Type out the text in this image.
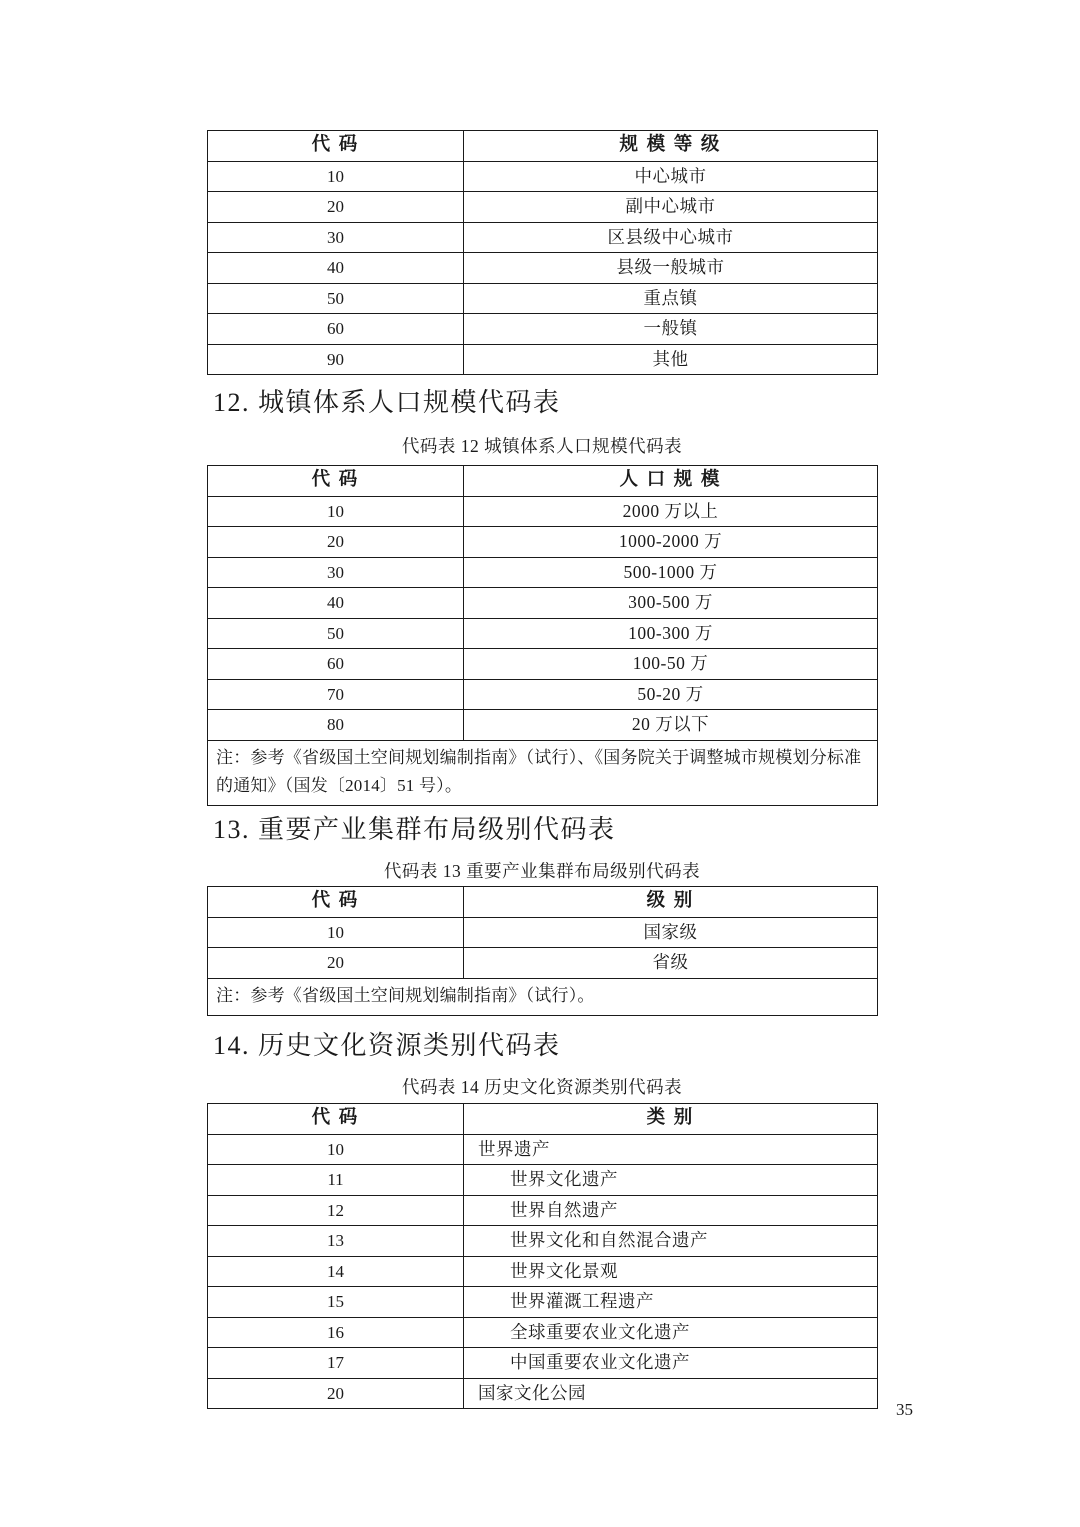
代 码	规 模 等 级
10	中心城市
20	副中心城市
30	区县级中心城市
40	县级一般城市
50	重点镇
60	一般镇
90	其他
12. 城镇体系人口规模代码表
代码表 12 城镇体系人口规模代码表
代 码	人 口 规 模
10	2000 万以上
20	1000-2000 万
30	500-1000 万
40	300-500 万
50	100-300 万
60	100-50 万
70	50-20 万
80	20 万以下
注：参考《省级国土空间规划编制指南》（试行）、《国务院关于调整城市规模划分标准的通知》（国发〔2014〕51 号）。	
13. 重要产业集群布局级别代码表
代码表 13 重要产业集群布局级别代码表
代 码	级 别
10	国家级
20	省级
注：参考《省级国土空间规划编制指南》（试行）。	
14. 历史文化资源类别代码表
代码表 14 历史文化资源类别代码表
代 码	类 别
10	世界遗产
11	世界文化遗产
12	世界自然遗产
13	世界文化和自然混合遗产
14	世界文化景观
15	世界灌溉工程遗产
16	全球重要农业文化遗产
17	中国重要农业文化遗产
20	国家文化公园
35
